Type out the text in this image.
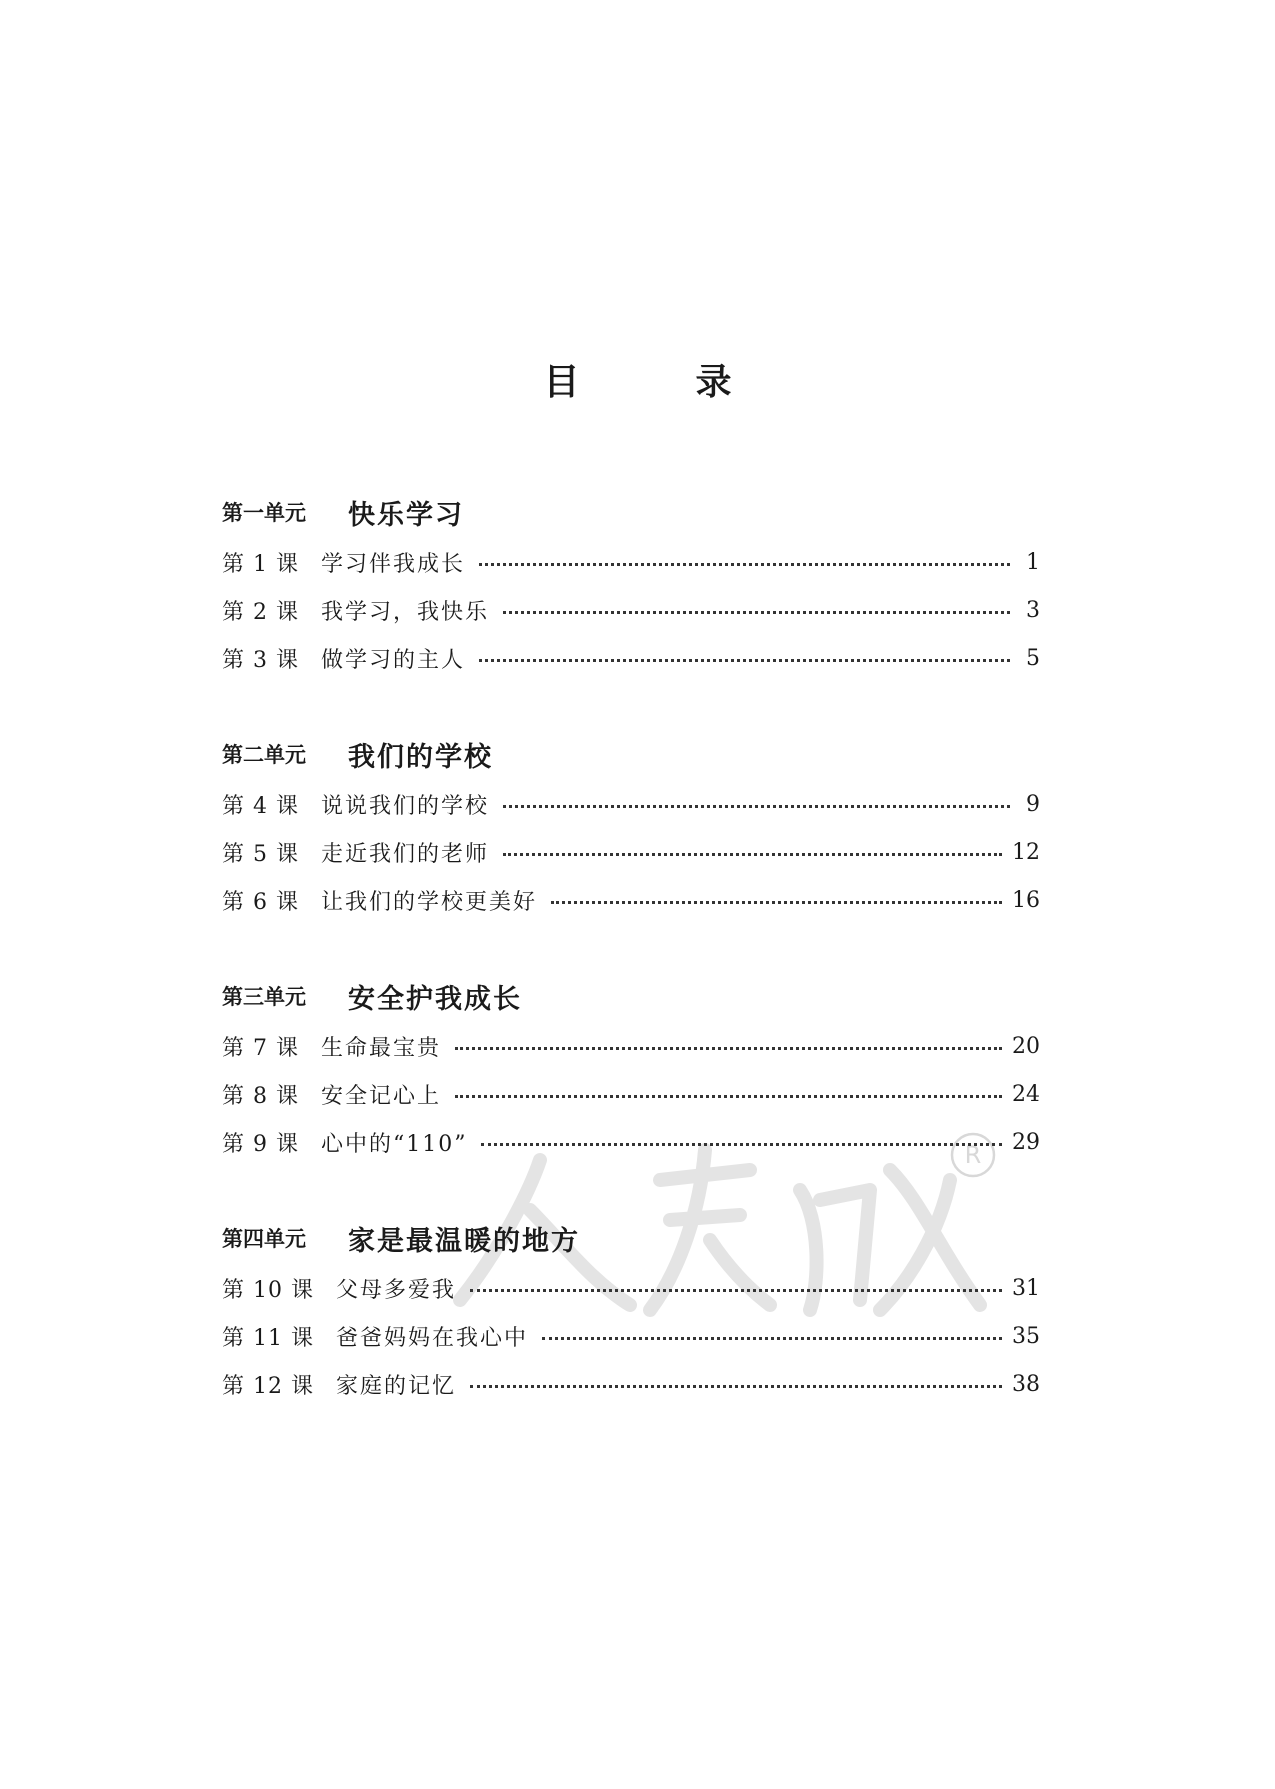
R
目　录
第一单元	快乐学习
第 1 课 学习伴我成长	1
第 2 课 我学习，我快乐	3
第 3 课 做学习的主人	5
第二单元	我们的学校
第 4 课 说说我们的学校	9
第 5 课 走近我们的老师	12
第 6 课 让我们的学校更美好	16
第三单元	安全护我成长
第 7 课 生命最宝贵	20
第 8 课 安全记心上	24
第 9 课 心中的“110”	29
第四单元	家是最温暖的地方
第 10 课 父母多爱我	31
第 11 课 爸爸妈妈在我心中	35
第 12 课 家庭的记忆	38
